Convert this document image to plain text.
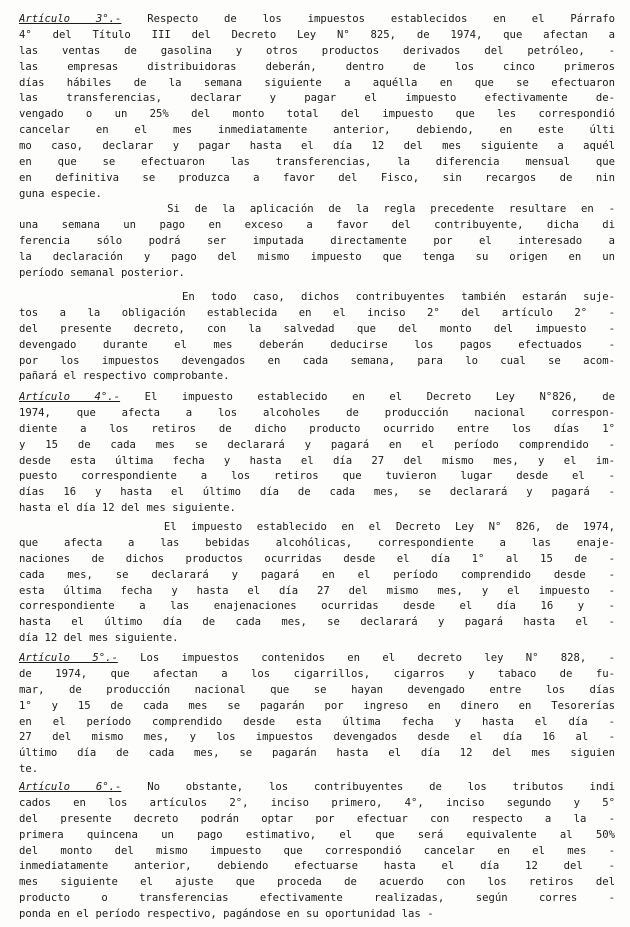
Artículo 3°.- Respecto de los impuestos establecidos en el Párrafo
4° del Título III del Decreto Ley N° 825, de 1974, que afectan a
las ventas de gasolina y otros productos derivados del petróleo, -
las empresas distribuidoras deberán, dentro de los cinco primeros
días hábiles de la semana siguiente a aquélla en que se efectuaron
las transferencias, declarar y pagar el impuesto efectivamente de-
vengado o un 25% del monto total del impuesto que les correspondió
cancelar en el mes inmediatamente anterior, debiendo, en este últi
mo caso, declarar y pagar hasta el día 12 del mes siguiente a aquél
en que se efectuaron las transferencias, la diferencia mensual que
en definitiva se produzca a favor del Fisco, sin recargos de nin
guna especie.
Si de la aplicación de la regla precedente resultare en -
una semana un pago en exceso a favor del contribuyente, dicha di
ferencia sólo podrá ser imputada directamente por el interesado a
la declaración y pago del mismo impuesto que tenga su origen en un
período semanal posterior.
En todo caso, dichos contribuyentes también estarán suje-
tos a la obligación establecida en el inciso 2° del artículo 2° -
del presente decreto, con la salvedad que del monto del impuesto -
devengado durante el mes deberán deducirse los pagos efectuados -
por los impuestos devengados en cada semana, para lo cual se acom-
pañará el respectivo comprobante.
Artículo 4°.- El impuesto establecido en el Decreto Ley N°826, de
1974, que afecta a los alcoholes de producción nacional correspon-
diente a los retiros de dicho producto ocurrido entre los días 1°
y 15 de cada mes se declarará y pagará en el período comprendido -
desde esta última fecha y hasta el día 27 del mismo mes, y el im-
puesto correspondiente a los retiros que tuvieron lugar desde el -
días 16 y hasta el último día de cada mes, se declarará y pagará -
hasta el día 12 del mes siguiente.
El impuesto establecido en el Decreto Ley N° 826, de 1974,
que afecta a las bebidas alcohólicas, correspondiente a las enaje-
naciones de dichos productos ocurridas desde el día 1° al 15 de -
cada mes, se declarará y pagará en el período comprendido desde -
esta última fecha y hasta el día 27 del mismo mes, y el impuesto -
correspondiente a las enajenaciones ocurridas desde el día 16 y -
hasta el último día de cada mes, se declarará y pagará hasta el -
día 12 del mes siguiente.
Artículo 5°.- Los impuestos contenidos en el decreto ley N° 828, -
de 1974, que afectan a los cigarrillos, cigarros y tabaco de fu-
mar, de producción nacional que se hayan devengado entre los días
1° y 15 de cada mes se pagarán por ingreso en dinero en Tesorerías
en el período comprendido desde esta última fecha y hasta el día -
27 del mismo mes, y los impuestos devengados desde el día 16 al -
último día de cada mes, se pagarán hasta el día 12 del mes siguien
te.
Artículo 6°.- No obstante, los contribuyentes de los tributos indi
cados en los artículos 2°, inciso primero, 4°, inciso segundo y 5°
del presente decreto podrán optar por efectuar con respecto a la -
primera quincena un pago estimativo, el que será equivalente al 50%
del monto del mismo impuesto que correspondió cancelar en el mes -
inmediatamente anterior, debiendo efectuarse hasta el día 12 del -
mes siguiente el ajuste que proceda de acuerdo con los retiros del
producto o transferencias efectivamente realizadas, según corres -
ponda en el período respectivo, pagándose en su oportunidad las -
